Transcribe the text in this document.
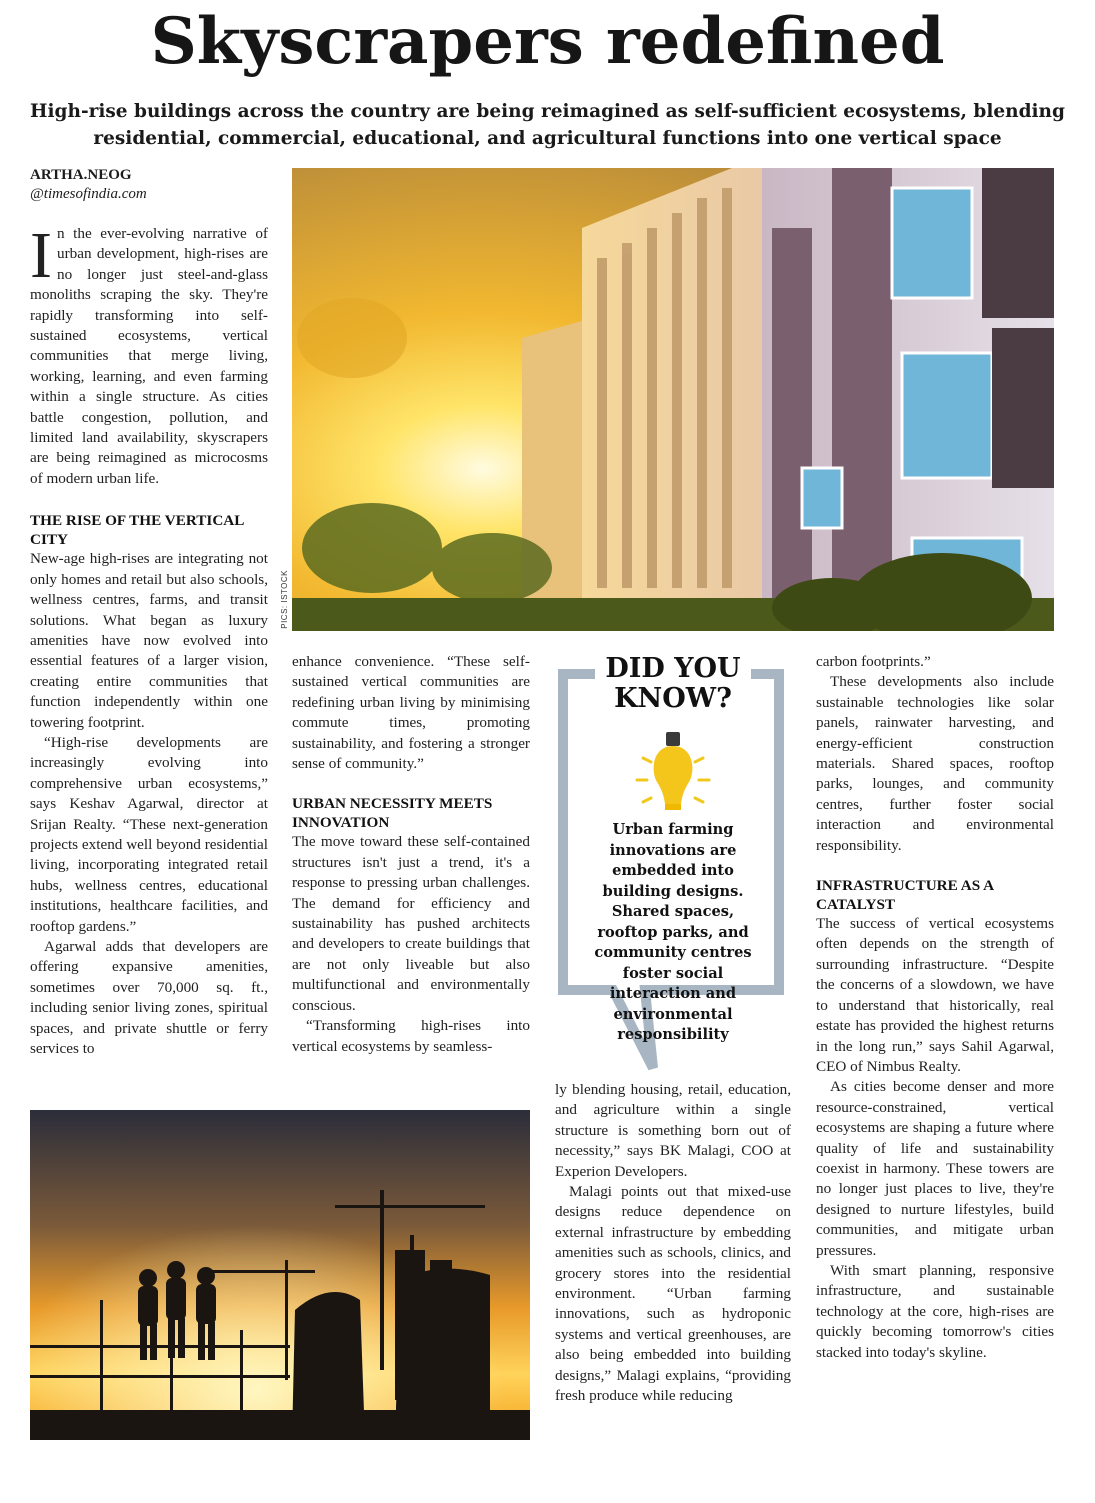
Skyscrapers redefined
High-rise buildings across the country are being reimagined as self-sufficient ecosystems, blending residential, commercial, educational, and agricultural functions into one vertical space
ARTHA.NEOG
@timesofindia.com

In the ever-evolving narrative of urban development, high-rises are no longer just steel-and-glass monoliths scraping the sky. They're rapidly transforming into self-sustained ecosystems, vertical communities that merge living, working, learning, and even farming within a single structure. As cities battle congestion, pollution, and limited land availability, skyscrapers are being reimagined as microcosms of modern urban life.

THE RISE OF THE VERTICAL CITY

New-age high-rises are integrating not only homes and retail but also schools, wellness centres, farms, and transit solutions. What began as luxury amenities have now evolved into essential features of a larger vision, creating entire communities that function independently within one towering footprint.

“High-rise developments are increasingly evolving into comprehensive urban ecosystems,” says Keshav Agarwal, director at Srijan Realty. “These next-generation projects extend well beyond residential living, incorporating integrated retail hubs, wellness centres, educational institutions, healthcare facilities, and rooftop gardens.”

Agarwal adds that developers are offering expansive amenities, sometimes over 70,000 sq. ft., including senior living zones, spiritual spaces, and private shuttle or ferry services to

PICS: ISTOCK

enhance convenience. “These self-sustained vertical communities are redefining urban living by minimising commute times, promoting sustainability, and fostering a stronger sense of community.”

URBAN NECESSITY MEETS INNOVATION

The move toward these self-contained structures isn't just a trend, it's a response to pressing urban challenges. The demand for efficiency and sustainability has pushed architects and developers to create buildings that are not only liveable but also multifunctional and environmentally conscious.

“Transforming high-rises into vertical ecosystems by seamless-

DID YOU KNOW?
Urban farming innovations are embedded into building designs. Shared spaces, rooftop parks, and community centres foster social interaction and environmental responsibility

ly blending housing, retail, education, and agriculture within a single structure is something born out of necessity,” says BK Malagi, COO at Experion Developers.

Malagi points out that mixed-use designs reduce dependence on external infrastructure by embedding amenities such as schools, clinics, and grocery stores into the residential environment. “Urban farming innovations, such as hydroponic systems and vertical greenhouses, are also being embedded into building designs,” Malagi explains, “providing fresh produce while reducing

carbon footprints.”

These developments also include sustainable technologies like solar panels, rainwater harvesting, and energy-efficient construction materials. Shared spaces, rooftop parks, lounges, and community centres, further foster social interaction and environmental responsibility.

INFRASTRUCTURE AS A CATALYST

The success of vertical ecosystems often depends on the strength of surrounding infrastructure. “Despite the concerns of a slowdown, we have to understand that historically, real estate has provided the highest returns in the long run,” says Sahil Agarwal, CEO of Nimbus Realty.

As cities become denser and more resource-constrained, vertical ecosystems are shaping a future where quality of life and sustainability coexist in harmony. These towers are no longer just places to live, they're designed to nurture lifestyles, build communities, and mitigate urban pressures.

With smart planning, responsive infrastructure, and sustainable technology at the core, high-rises are quickly becoming tomorrow's cities stacked into today's skyline.
